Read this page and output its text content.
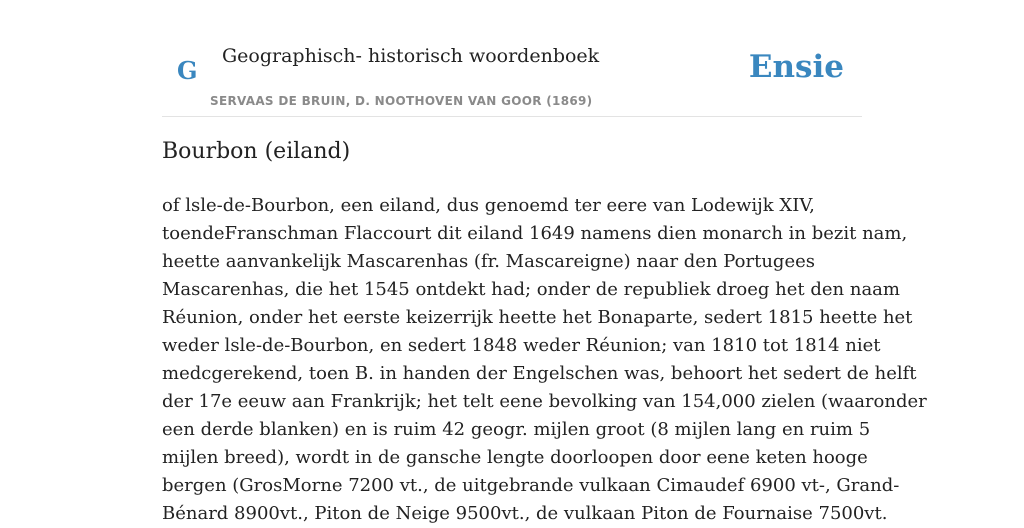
G Geographisch- historisch woordenboek
SERVAAS DE BRUIN, D. NOOTHOVEN VAN GOOR (1869)
Ensie
Bourbon (eiland)
of lsle-de-Bourbon, een eiland, dus genoemd ter eere van Lodewijk XIV,
toendeFranschman Flaccourt dit eiland 1649 namens dien monarch in bezit nam,
heette aanvankelijk Mascarenhas (fr. Mascareigne) naar den Portugees
Mascarenhas, die het 1545 ontdekt had; onder de republiek droeg het den naam
Réunion, onder het eerste keizerrijk heette het Bonaparte, sedert 1815 heette het
weder lsle-de-Bourbon, en sedert 1848 weder Réunion; van 1810 tot 1814 niet
medcgerekend, toen B. in handen der Engelschen was, behoort het sedert de helft
der 17e eeuw aan Frankrijk; het telt eene bevolking van 154,000 zielen (waaronder
een derde blanken) en is ruim 42 geogr. mijlen groot (8 mijlen lang en ruim 5
mijlen breed), wordt in de gansche lengte doorloopen door eene keten hooge
bergen (GrosMorne 7200 vt., de uitgebrande vulkaan Cimaudef 6900 vt-, Grand-
Bénard 8900vt., Piton de Neige 9500vt., de vulkaan Piton de Fournaise 7500vt.
